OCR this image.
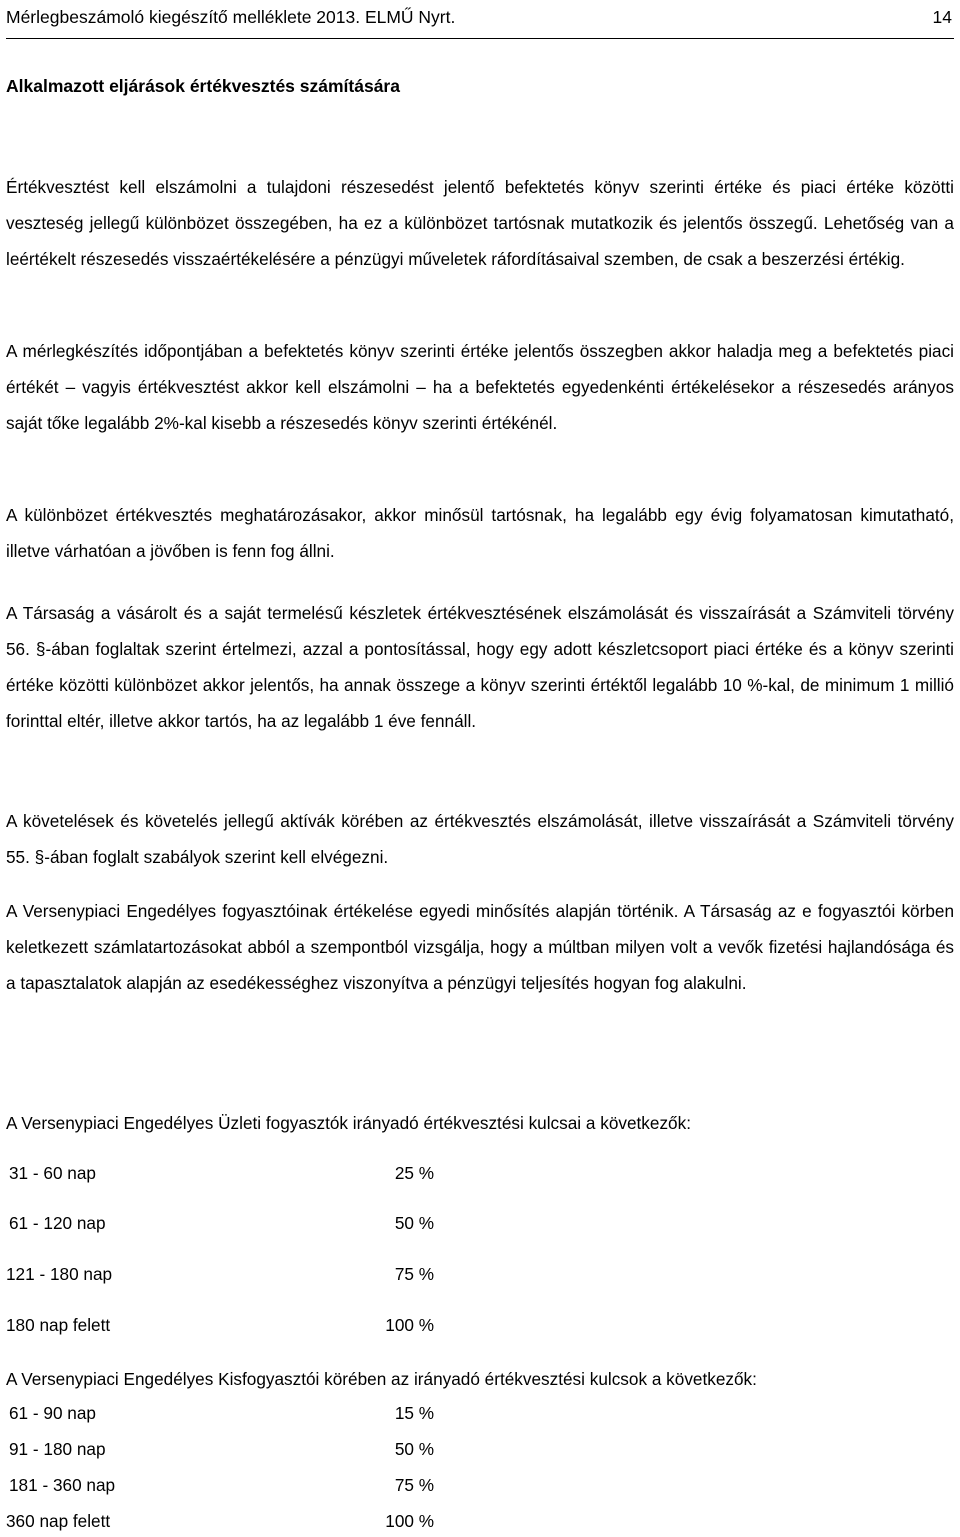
Mérlegbeszámoló kiegészítő melléklete 2013. ELMŰ Nyrt.	14
Alkalmazott eljárások értékvesztés számítására

Értékvesztést kell elszámolni a tulajdoni részesedést jelentő befektetés könyv szerinti értéke és piaci értéke közötti veszteség jellegű különbözet összegében, ha ez a különbözet tartósnak mutatkozik és jelentős összegű. Lehetőség van a leértékelt részesedés visszaértékelésére a pénzügyi műveletek ráfordításaival szemben, de csak a beszerzési értékig.

A mérlegkészítés időpontjában a befektetés könyv szerinti értéke jelentős összegben akkor haladja meg a befektetés piaci értékét – vagyis értékvesztést akkor kell elszámolni – ha a befektetés egyedenkénti értékelésekor a részesedés arányos saját tőke legalább 2%-kal kisebb a részesedés könyv szerinti értékénél.

A különbözet értékvesztés meghatározásakor, akkor minősül tartósnak, ha legalább egy évig folyamatosan kimutatható, illetve várhatóan a jövőben is fenn fog állni.

A Társaság a vásárolt és a saját termelésű készletek értékvesztésének elszámolását és visszaírását a Számviteli törvény 56. §-ában foglaltak szerint értelmezi, azzal a pontosítással, hogy egy adott készletcsoport piaci értéke és a könyv szerinti értéke közötti különbözet akkor jelentős, ha annak összege a könyv szerinti értéktől legalább 10 %-kal, de minimum 1 millió forinttal eltér, illetve akkor tartós, ha az legalább 1 éve fennáll.

A követelések és követelés jellegű aktívák körében az értékvesztés elszámolását, illetve visszaírását a Számviteli törvény 55. §-ában foglalt szabályok szerint kell elvégezni.

A Versenypiaci Engedélyes fogyasztóinak értékelése egyedi minősítés alapján történik. A Társaság az e fogyasztói körben keletkezett számlatartozásokat abból a szempontból vizsgálja, hogy a múltban milyen volt a vevők fizetési hajlandósága és a tapasztalatok alapján az esedékességhez viszonyítva a pénzügyi teljesítés hogyan fog alakulni.

A Versenypiaci Engedélyes Üzleti fogyasztók irányadó értékvesztési kulcsai a következők:

31 - 60 nap	25 %
61 - 120 nap	50 %
121 - 180 nap	75 %
180 nap felett	100 %

A Versenypiaci Engedélyes Kisfogyasztói körében az irányadó értékvesztési kulcsok a következők:

61 - 90 nap	15 %
91 - 180 nap	50 %
181 - 360 nap	75 %
360 nap felett	100 %
